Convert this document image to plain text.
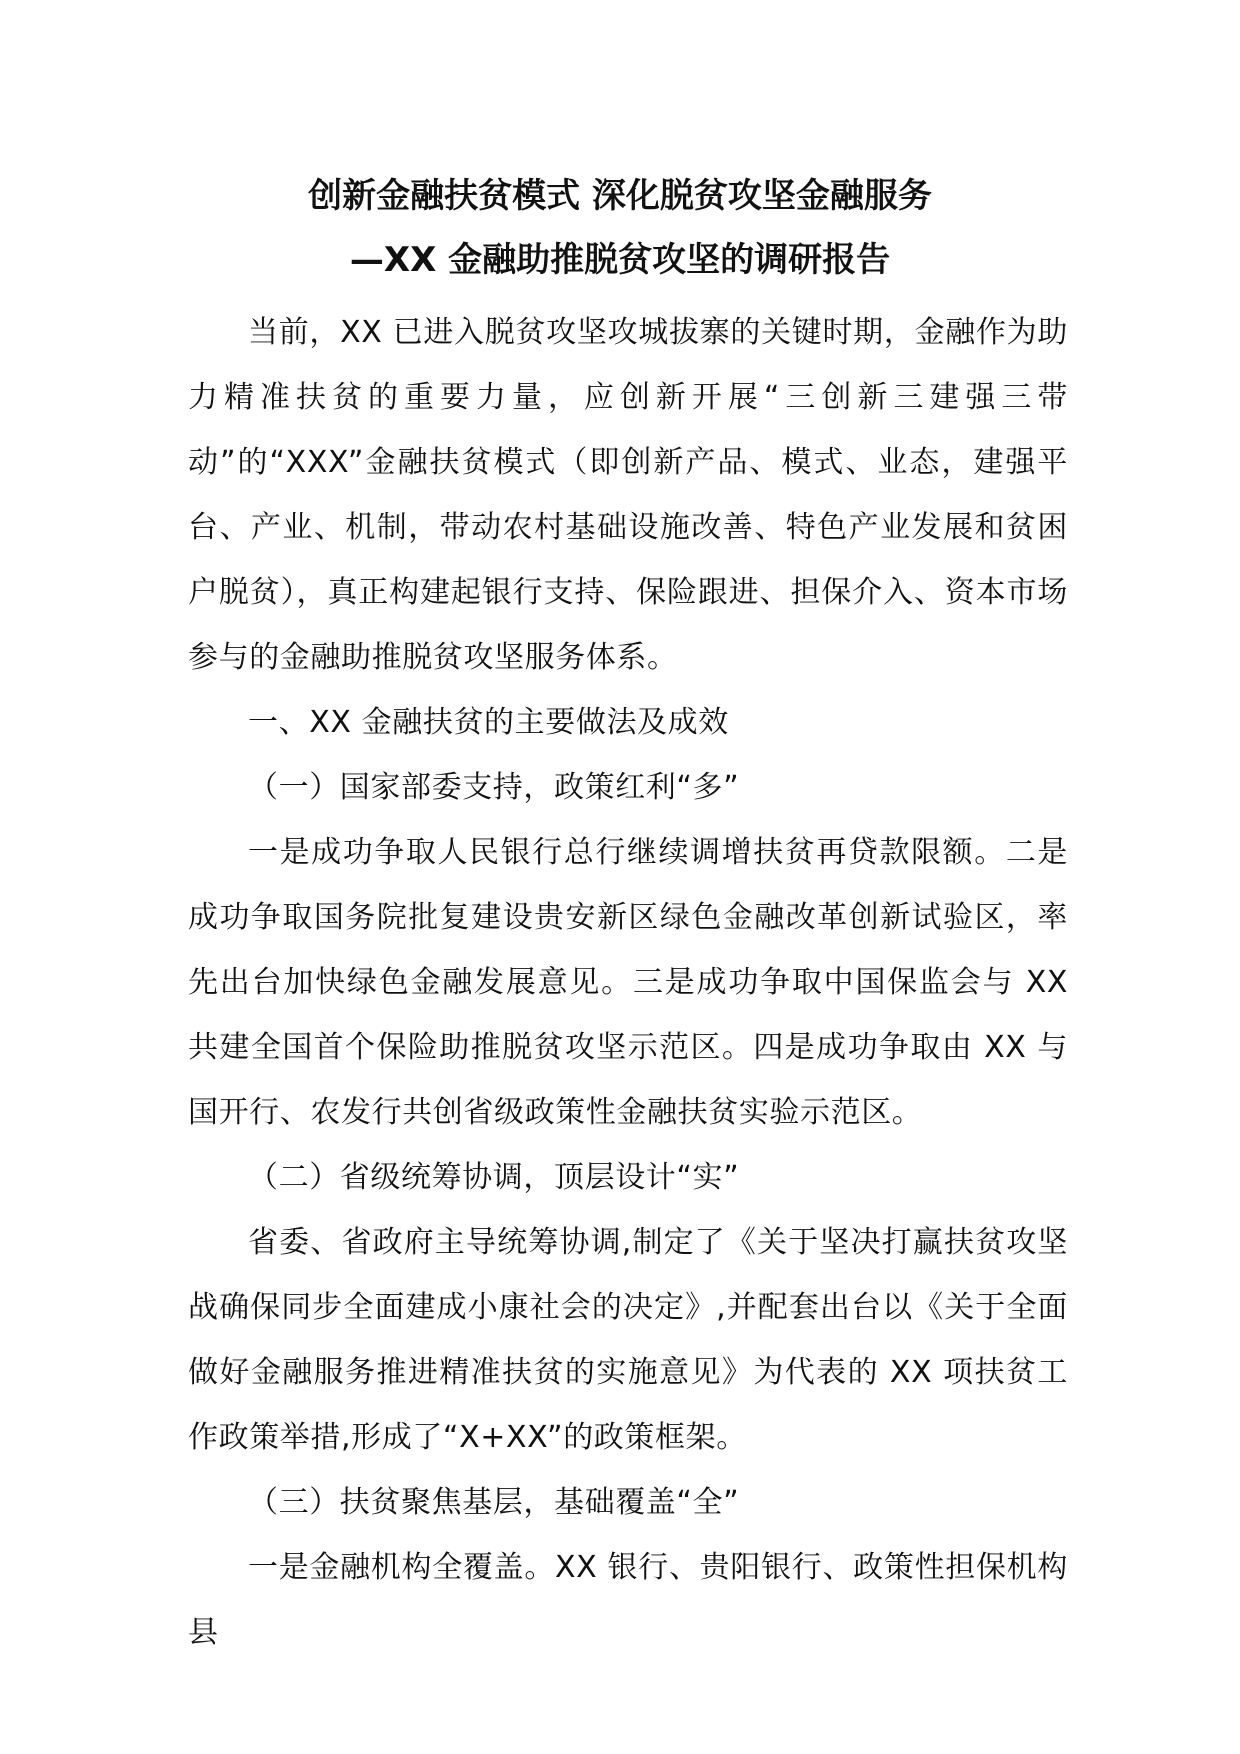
创新金融扶贫模式 深化脱贫攻坚金融服务
—XX 金融助推脱贫攻坚的调研报告

当前，XX 已进入脱贫攻坚攻城拔寨的关键时期，金融作为助力精准扶贫的重要力量，应创新开展“三创新三建强三带动”的“XXX”金融扶贫模式（即创新产品、模式、业态，建强平台、产业、机制，带动农村基础设施改善、特色产业发展和贫困户脱贫），真正构建起银行支持、保险跟进、担保介入、资本市场参与的金融助推脱贫攻坚服务体系。

一、XX 金融扶贫的主要做法及成效

（一）国家部委支持，政策红利“多”

一是成功争取人民银行总行继续调增扶贫再贷款限额。二是成功争取国务院批复建设贵安新区绿色金融改革创新试验区，率先出台加快绿色金融发展意见。三是成功争取中国保监会与 XX 共建全国首个保险助推脱贫攻坚示范区。四是成功争取由 XX 与国开行、农发行共创省级政策性金融扶贫实验示范区。

（二）省级统筹协调，顶层设计“实”

省委、省政府主导统筹协调,制定了《关于坚决打赢扶贫攻坚战确保同步全面建成小康社会的决定》,并配套出台以《关于全面做好金融服务推进精准扶贫的实施意见》为代表的 XX 项扶贫工作政策举措,形成了“X+XX”的政策框架。

（三）扶贫聚焦基层，基础覆盖“全”

一是金融机构全覆盖。XX 银行、贵阳银行、政策性担保机构县
